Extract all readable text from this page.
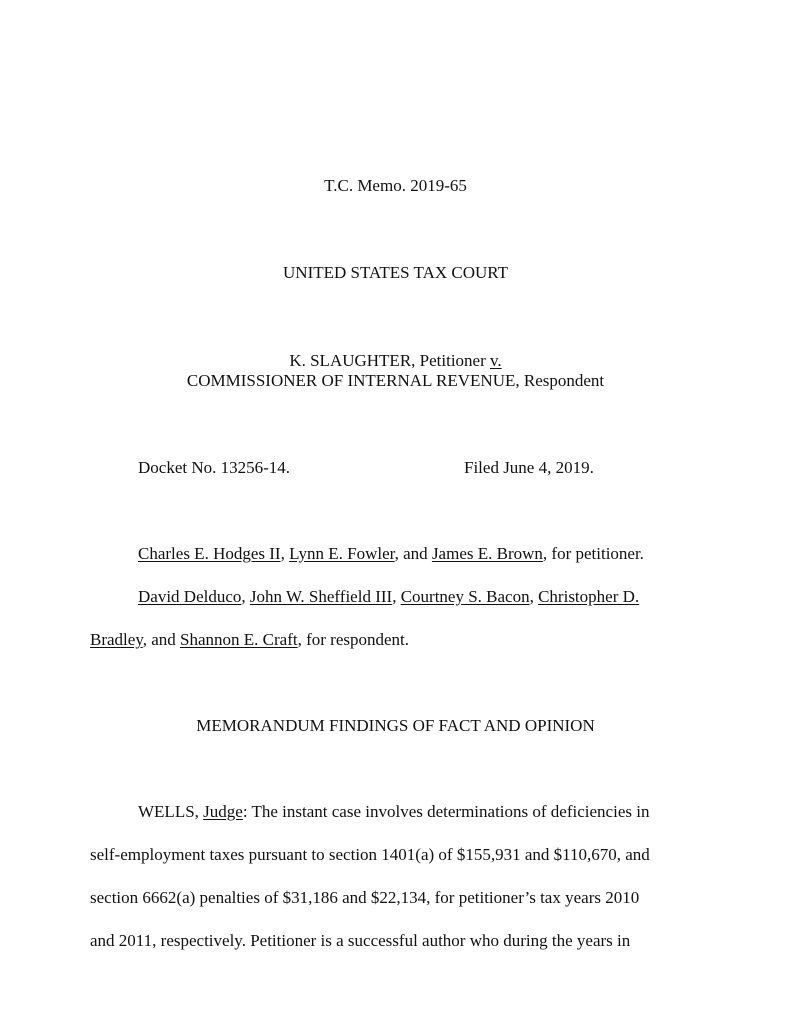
T.C. Memo. 2019-65
UNITED STATES TAX COURT
K. SLAUGHTER, Petitioner v.
COMMISSIONER OF INTERNAL REVENUE, Respondent
Docket No. 13256-14.	Filed June 4, 2019.
Charles E. Hodges II, Lynn E. Fowler, and James E. Brown, for petitioner.
David Delduco, John W. Sheffield III, Courtney S. Bacon, Christopher D.
Bradley, and Shannon E. Craft, for respondent.
MEMORANDUM FINDINGS OF FACT AND OPINION
WELLS, Judge: The instant case involves determinations of deficiencies in
self-employment taxes pursuant to section 1401(a) of $155,931 and $110,670, and
section 6662(a) penalties of $31,186 and $22,134, for petitioner’s tax years 2010
and 2011, respectively. Petitioner is a successful author who during the years in
